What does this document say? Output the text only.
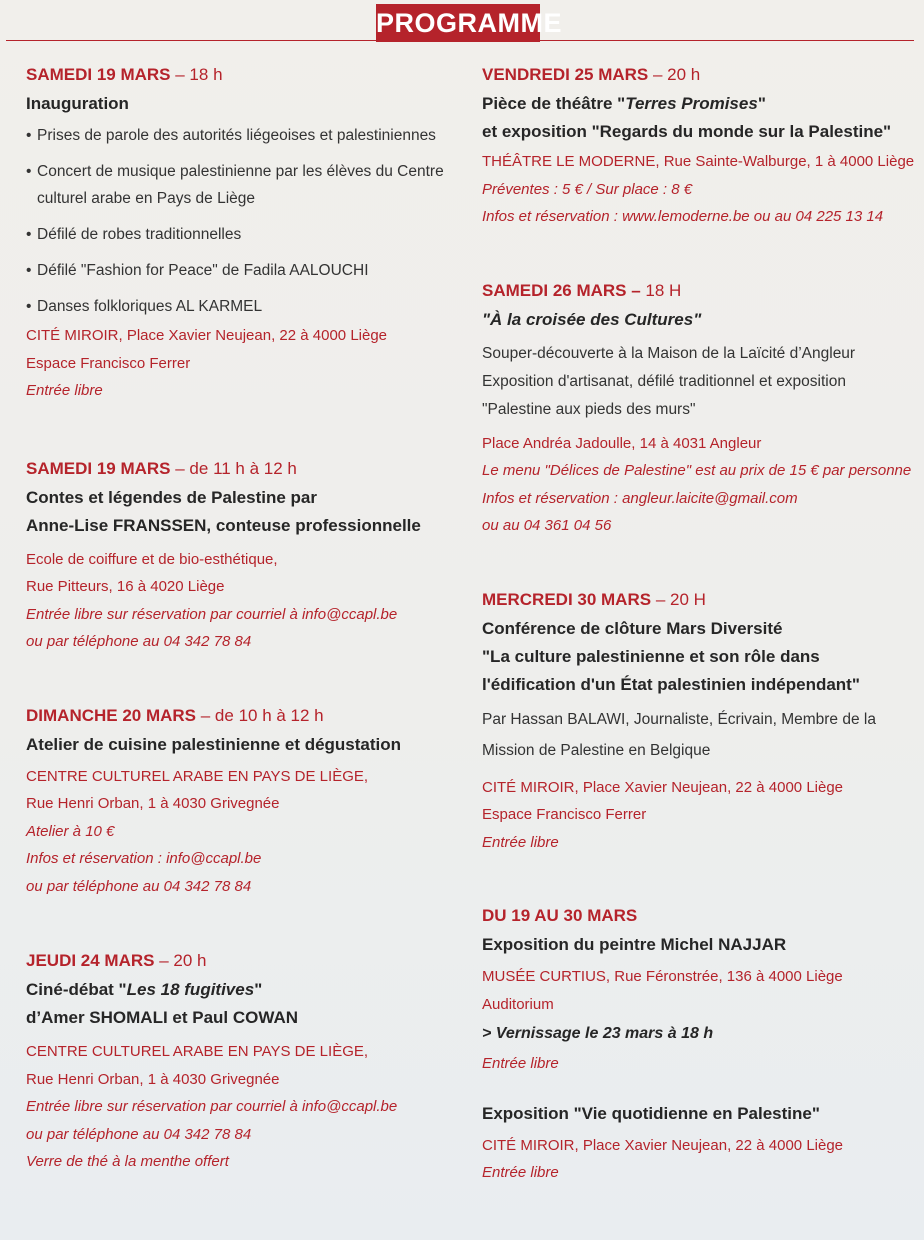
PROGRAMME
SAMEDI 19 MARS – 18 h
Inauguration
• Prises de parole des autorités liégeoises et palestiniennes
• Concert de musique palestinienne par les élèves du Centre culturel arabe en Pays de Liège
• Défilé de robes traditionnelles
• Défilé "Fashion for Peace" de Fadila AALOUCHI
• Danses folkloriques AL KARMEL
CITÉ MIROIR, Place Xavier Neujean, 22 à 4000 Liège
Espace Francisco Ferrer
Entrée libre
SAMEDI 19 MARS – de 11 h à 12 h
Contes et légendes de Palestine par
Anne-Lise FRANSSEN, conteuse professionnelle
Ecole de coiffure et de bio-esthétique,
Rue Pitteurs, 16 à 4020 Liège
Entrée libre sur réservation par courriel à info@ccapl.be
ou par téléphone au 04 342 78 84
DIMANCHE 20 MARS – de 10 h à 12 h
Atelier de cuisine palestinienne et dégustation
CENTRE CULTUREL ARABE EN PAYS DE LIÈGE,
Rue Henri Orban, 1 à 4030 Grivegnée
Atelier à 10 €
Infos et réservation : info@ccapl.be
ou par téléphone au 04 342 78 84
JEUDI 24 MARS – 20 h
Ciné-débat "Les 18 fugitives"
d’Amer SHOMALI et Paul COWAN
CENTRE CULTUREL ARABE EN PAYS DE LIÈGE,
Rue Henri Orban, 1 à 4030 Grivegnée
Entrée libre sur réservation par courriel à info@ccapl.be
ou par téléphone au 04 342 78 84
Verre de thé à la menthe offert
VENDREDI 25 MARS – 20 h
Pièce de théâtre "Terres Promises"
et exposition "Regards du monde sur la Palestine"
THÉÂTRE LE MODERNE, Rue Sainte-Walburge, 1 à 4000 Liège
Préventes : 5 € / Sur place : 8 €
Infos et réservation : www.lemoderne.be ou au 04 225 13 14
SAMEDI 26 MARS – 18 H
"À la croisée des Cultures"
Souper-découverte à la Maison de la Laïcité d’Angleur
Exposition d'artisanat, défilé traditionnel et exposition
"Palestine aux pieds des murs"
Place Andréa Jadoulle, 14 à 4031 Angleur
Le menu "Délices de Palestine" est au prix de 15 € par personne
Infos et réservation : angleur.laicite@gmail.com
ou au 04 361 04 56
MERCREDI 30 MARS – 20 H
Conférence de clôture Mars Diversité
"La culture palestinienne et son rôle dans
l'édification d'un État palestinien indépendant"
Par Hassan BALAWI, Journaliste, Écrivain, Membre de la
Mission de Palestine en Belgique
CITÉ MIROIR, Place Xavier Neujean, 22 à 4000 Liège
Espace Francisco Ferrer
Entrée libre
DU 19 AU 30 MARS
Exposition du peintre Michel NAJJAR
MUSÉE CURTIUS, Rue Féronstrée, 136 à 4000 Liège
Auditorium
> Vernissage le 23 mars à 18 h
Entrée libre
Exposition "Vie quotidienne en Palestine"
CITÉ MIROIR, Place Xavier Neujean, 22 à 4000 Liège
Entrée libre
